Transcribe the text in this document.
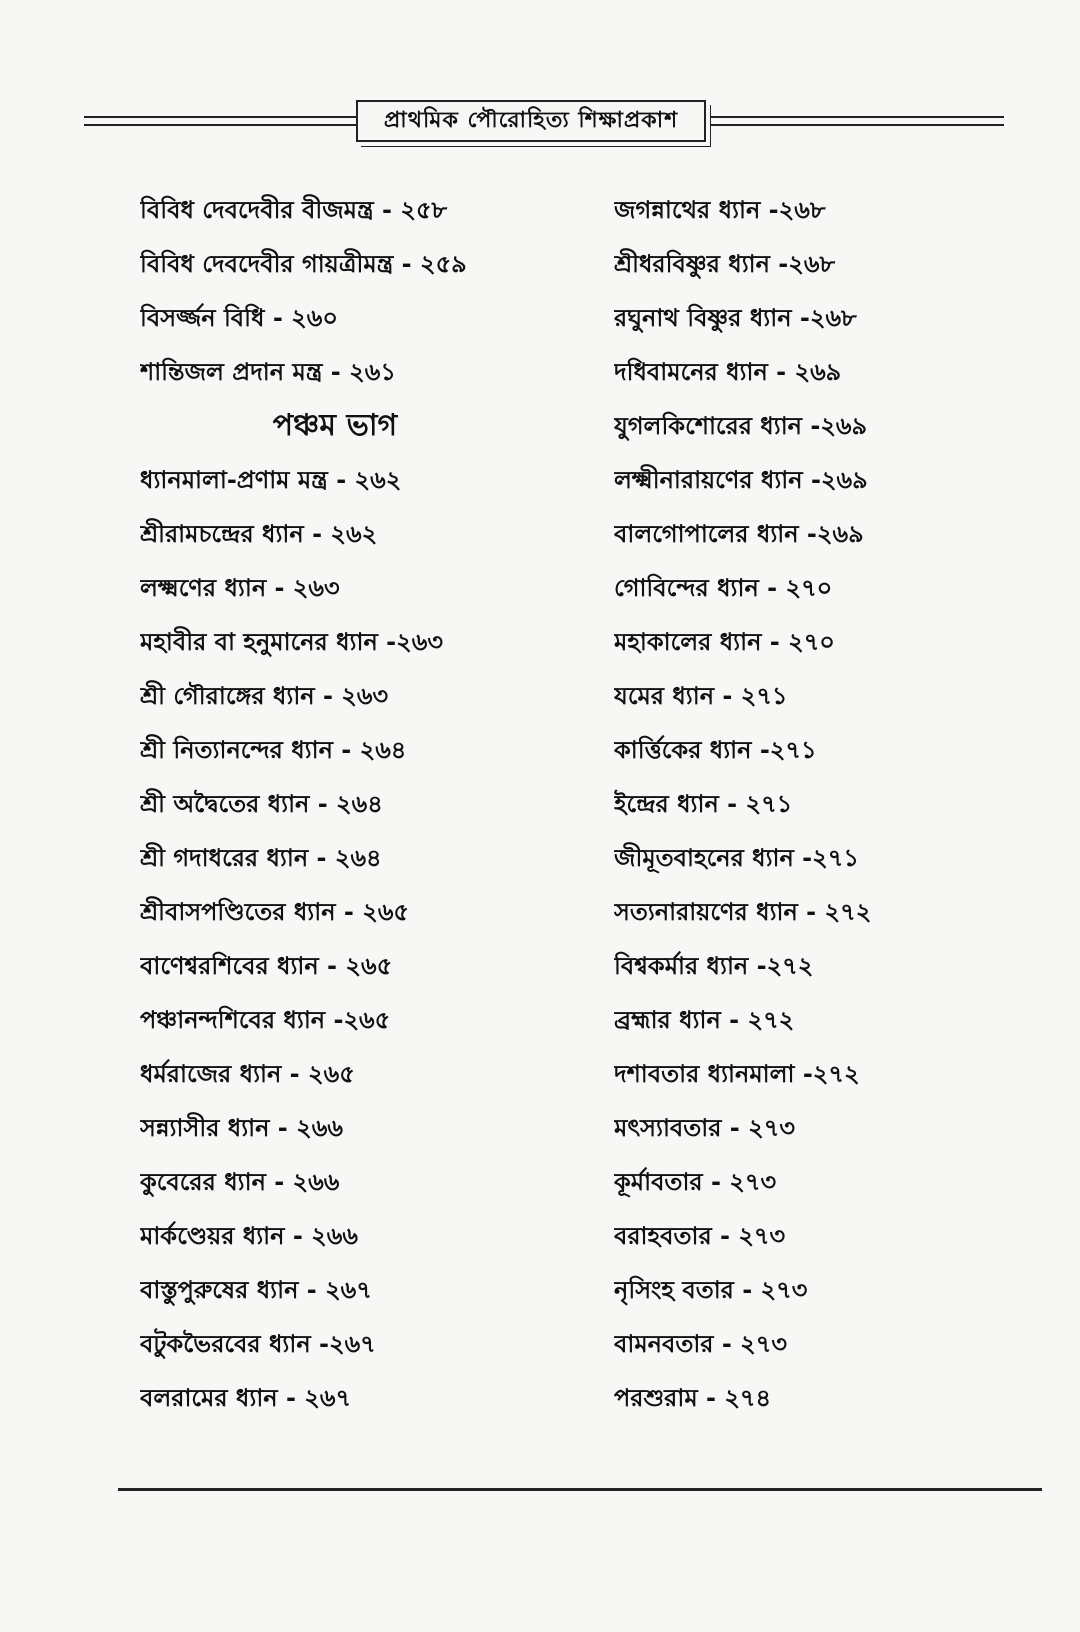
প্রাথমিক পৌরোহিত্য শিক্ষাপ্রকাশ
বিবিধ দেবদেবীর বীজমন্ত্র - ২৫৮
বিবিধ দেবদেবীর গায়ত্রীমন্ত্র - ২৫৯
বিসর্জ্জন বিধি - ২৬০
শান্তিজল প্রদান মন্ত্র - ২৬১
পঞ্চম ভাগ
ধ্যানমালা-প্রণাম মন্ত্র - ২৬২
শ্রীরামচন্দ্রের ধ্যান - ২৬২
লক্ষ্মণের ধ্যান - ২৬৩
মহাবীর বা হনুমানের ধ্যান -২৬৩
শ্রী গৌরাঙ্গের ধ্যান - ২৬৩
শ্রী নিত্যানন্দের ধ্যান - ২৬৪
শ্রী অদ্বৈতের ধ্যান - ২৬৪
শ্রী গদাধরের ধ্যান - ২৬৪
শ্রীবাসপণ্ডিতের ধ্যান - ২৬৫
বাণেশ্বরশিবের ধ্যান - ২৬৫
পঞ্চানন্দশিবের ধ্যান -২৬৫
ধর্মরাজের ধ্যান - ২৬৫
সন্ন্যাসীর ধ্যান - ২৬৬
কুবেরের ধ্যান - ২৬৬
মার্কণ্ডেয়র ধ্যান - ২৬৬
বাস্তুপুরুষের ধ্যান - ২৬৭
বটুকভৈরবের ধ্যান -২৬৭
বলরামের ধ্যান - ২৬৭
জগন্নাথের ধ্যান -২৬৮
শ্রীধরবিষ্ণুর ধ্যান -২৬৮
রঘুনাথ বিষ্ণুর ধ্যান -২৬৮
দধিবামনের ধ্যান - ২৬৯
যুগলকিশোরের ধ্যান -২৬৯
লক্ষ্মীনারায়ণের ধ্যান -২৬৯
বালগোপালের ধ্যান -২৬৯
গোবিন্দের ধ্যান - ২৭০
মহাকালের ধ্যান - ২৭০
যমের ধ্যান - ২৭১
কার্ত্তিকের ধ্যান -২৭১
ইন্দ্রের ধ্যান - ২৭১
জীমূতবাহনের ধ্যান -২৭১
সত্যনারায়ণের ধ্যান - ২৭২
বিশ্বকর্মার ধ্যান -২৭২
ব্রহ্মার ধ্যান - ২৭২
দশাবতার ধ্যানমালা -২৭২
মৎস্যাবতার - ২৭৩
কূর্মাবতার - ২৭৩
বরাহবতার - ২৭৩
নৃসিংহ বতার - ২৭৩
বামনবতার - ২৭৩
পরশুরাম - ২৭৪
